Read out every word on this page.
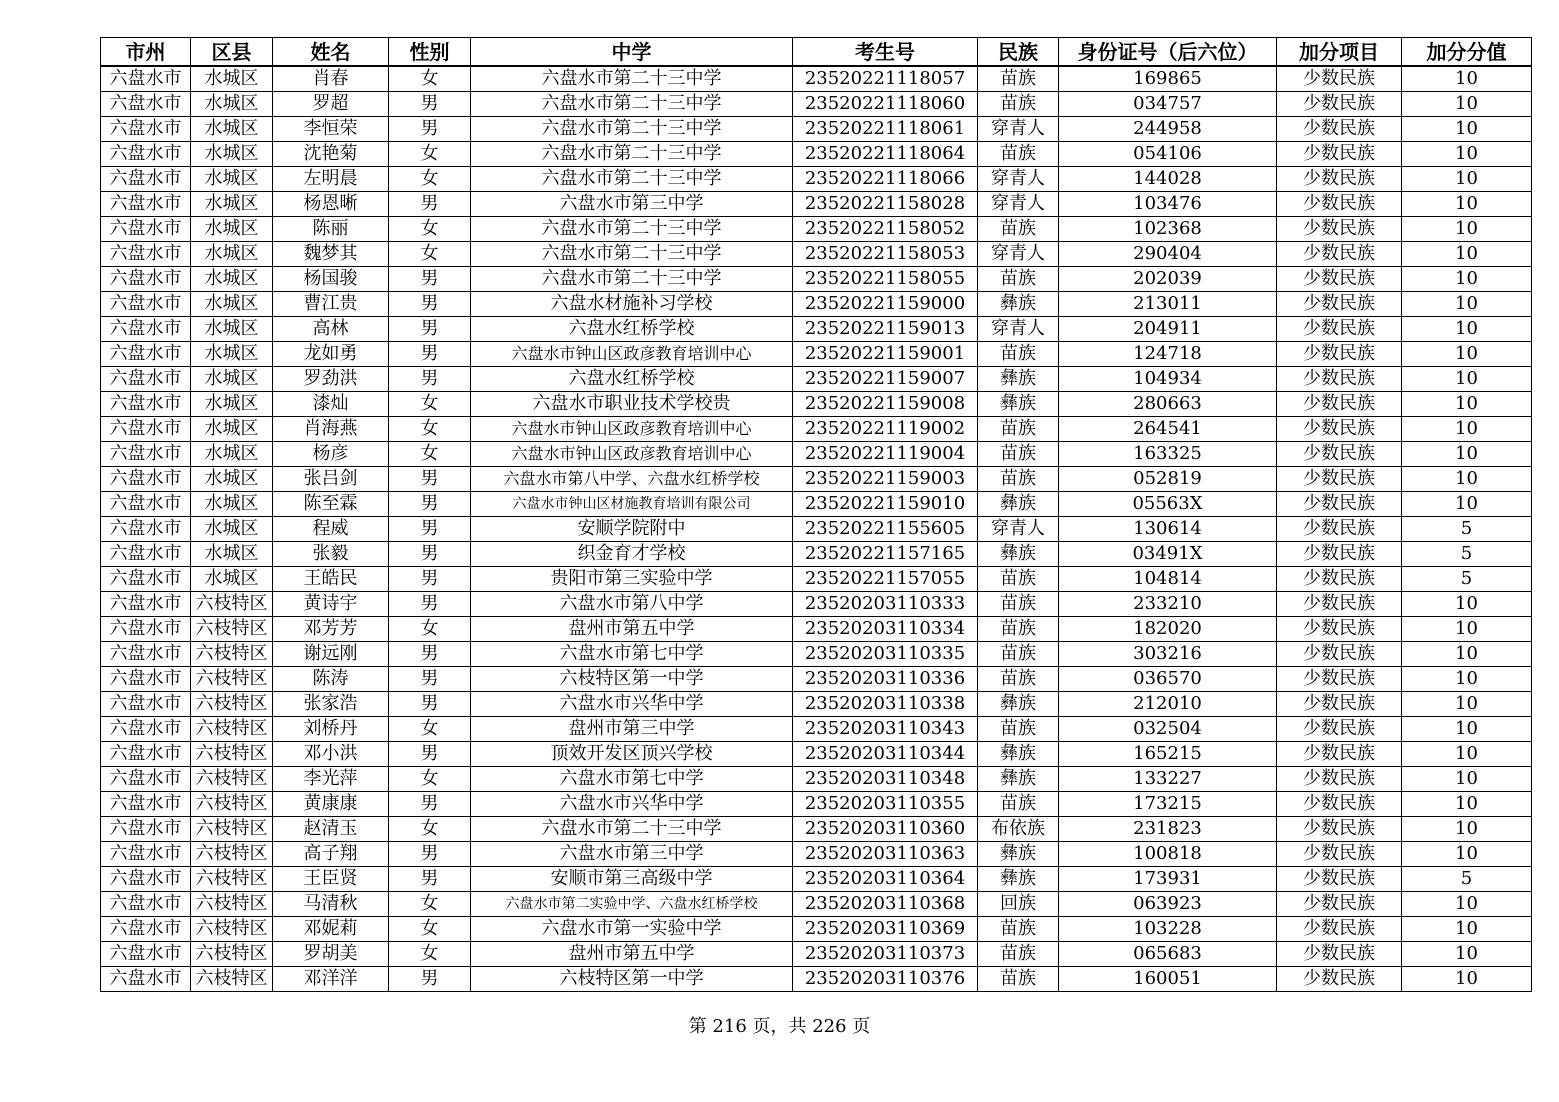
市州	区县	姓名	性别	中学	考生号	民族	身份证号（后六位）	加分项目	加分分值
六盘水市	水城区	肖春	女	六盘水市第二十三中学	23520221118057	苗族	169865	少数民族	10
六盘水市	水城区	罗超	男	六盘水市第二十三中学	23520221118060	苗族	034757	少数民族	10
六盘水市	水城区	李恒荣	男	六盘水市第二十三中学	23520221118061	穿青人	244958	少数民族	10
六盘水市	水城区	沈艳菊	女	六盘水市第二十三中学	23520221118064	苗族	054106	少数民族	10
六盘水市	水城区	左明晨	女	六盘水市第二十三中学	23520221118066	穿青人	144028	少数民族	10
六盘水市	水城区	杨恩晰	男	六盘水市第三中学	23520221158028	穿青人	103476	少数民族	10
六盘水市	水城区	陈丽	女	六盘水市第二十三中学	23520221158052	苗族	102368	少数民族	10
六盘水市	水城区	魏梦其	女	六盘水市第二十三中学	23520221158053	穿青人	290404	少数民族	10
六盘水市	水城区	杨国骏	男	六盘水市第二十三中学	23520221158055	苗族	202039	少数民族	10
六盘水市	水城区	曹江贵	男	六盘水材施补习学校	23520221159000	彝族	213011	少数民族	10
六盘水市	水城区	高林	男	六盘水红桥学校	23520221159013	穿青人	204911	少数民族	10
六盘水市	水城区	龙如勇	男	六盘水市钟山区政彦教育培训中心	23520221159001	苗族	124718	少数民族	10
六盘水市	水城区	罗劲洪	男	六盘水红桥学校	23520221159007	彝族	104934	少数民族	10
六盘水市	水城区	漆灿	女	六盘水市职业技术学校贵	23520221159008	彝族	280663	少数民族	10
六盘水市	水城区	肖海燕	女	六盘水市钟山区政彦教育培训中心	23520221119002	苗族	264541	少数民族	10
六盘水市	水城区	杨彦	女	六盘水市钟山区政彦教育培训中心	23520221119004	苗族	163325	少数民族	10
六盘水市	水城区	张吕剑	男	六盘水市第八中学、六盘水红桥学校	23520221159003	苗族	052819	少数民族	10
六盘水市	水城区	陈至霖	男	六盘水市钟山区材施教育培训有限公司	23520221159010	彝族	05563X	少数民族	10
六盘水市	水城区	程威	男	安顺学院附中	23520221155605	穿青人	130614	少数民族	5
六盘水市	水城区	张毅	男	织金育才学校	23520221157165	彝族	03491X	少数民族	5
六盘水市	水城区	王皓民	男	贵阳市第三实验中学	23520221157055	苗族	104814	少数民族	5
六盘水市	六枝特区	黄诗宇	男	六盘水市第八中学	23520203110333	苗族	233210	少数民族	10
六盘水市	六枝特区	邓芳芳	女	盘州市第五中学	23520203110334	苗族	182020	少数民族	10
六盘水市	六枝特区	谢远刚	男	六盘水市第七中学	23520203110335	苗族	303216	少数民族	10
六盘水市	六枝特区	陈涛	男	六枝特区第一中学	23520203110336	苗族	036570	少数民族	10
六盘水市	六枝特区	张家浩	男	六盘水市兴华中学	23520203110338	彝族	212010	少数民族	10
六盘水市	六枝特区	刘桥丹	女	盘州市第三中学	23520203110343	苗族	032504	少数民族	10
六盘水市	六枝特区	邓小洪	男	顶效开发区顶兴学校	23520203110344	彝族	165215	少数民族	10
六盘水市	六枝特区	李光萍	女	六盘水市第七中学	23520203110348	彝族	133227	少数民族	10
六盘水市	六枝特区	黄康康	男	六盘水市兴华中学	23520203110355	苗族	173215	少数民族	10
六盘水市	六枝特区	赵清玉	女	六盘水市第二十三中学	23520203110360	布依族	231823	少数民族	10
六盘水市	六枝特区	高子翔	男	六盘水市第三中学	23520203110363	彝族	100818	少数民族	10
六盘水市	六枝特区	王臣贤	男	安顺市第三高级中学	23520203110364	彝族	173931	少数民族	5
六盘水市	六枝特区	马清秋	女	六盘水市第二实验中学、六盘水红桥学校	23520203110368	回族	063923	少数民族	10
六盘水市	六枝特区	邓妮莉	女	六盘水市第一实验中学	23520203110369	苗族	103228	少数民族	10
六盘水市	六枝特区	罗胡美	女	盘州市第五中学	23520203110373	苗族	065683	少数民族	10
六盘水市	六枝特区	邓洋洋	男	六枝特区第一中学	23520203110376	苗族	160051	少数民族	10
第 216 页，共 226 页
